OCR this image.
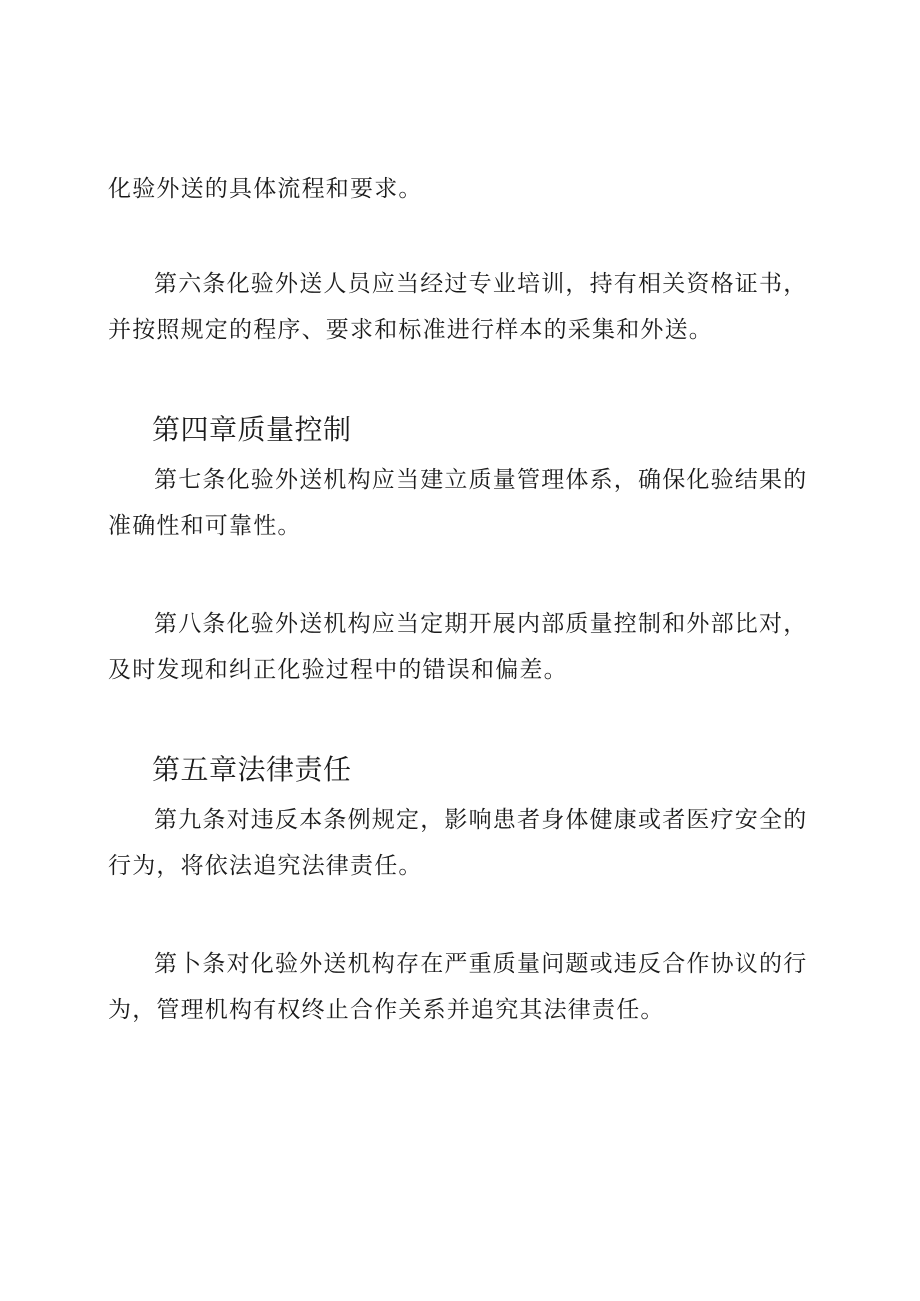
化验外送的具体流程和要求。

第六条化验外送人员应当经过专业培训，持有相关资格证书，并按照规定的程序、要求和标准进行样本的采集和外送。

第四章质量控制

第七条化验外送机构应当建立质量管理体系，确保化验结果的准确性和可靠性。

第八条化验外送机构应当定期开展内部质量控制和外部比对，及时发现和纠正化验过程中的错误和偏差。

第五章法律责任

第九条对违反本条例规定，影响患者身体健康或者医疗安全的行为，将依法追究法律责任。

第卜条对化验外送机构存在严重质量问题或违反合作协议的行为，管理机构有权终止合作关系并追究其法律责任。
